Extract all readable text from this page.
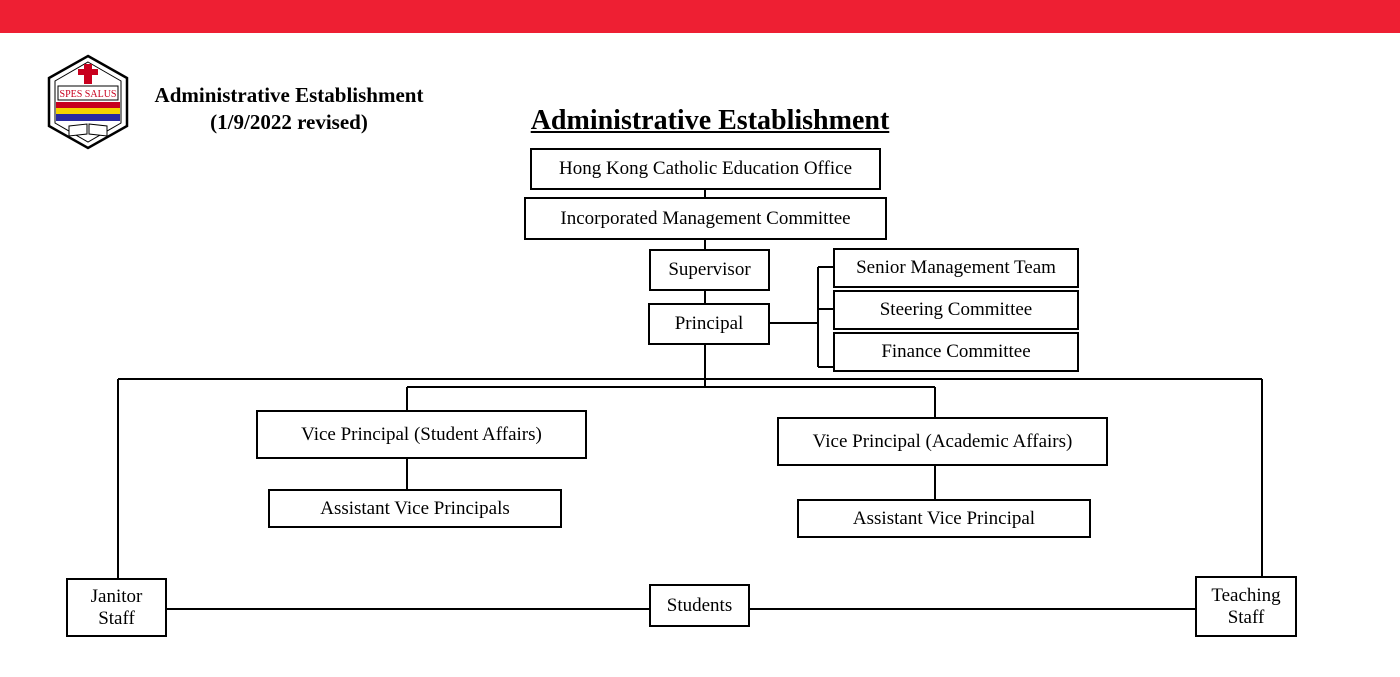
SPES SALUS	Administrative Establishment
(1/9/2022 revised)	Administrative Establishment
Hong Kong Catholic Education Office
Incorporated Management Committee
Supervisor
Principal
Senior Management Team
Steering Committee
Finance Committee
Vice Principal (Student Affairs)
Assistant Vice Principals
Vice Principal (Academic Affairs)
Assistant Vice Principal
Janitor
Staff
Students	Teaching
Staff
